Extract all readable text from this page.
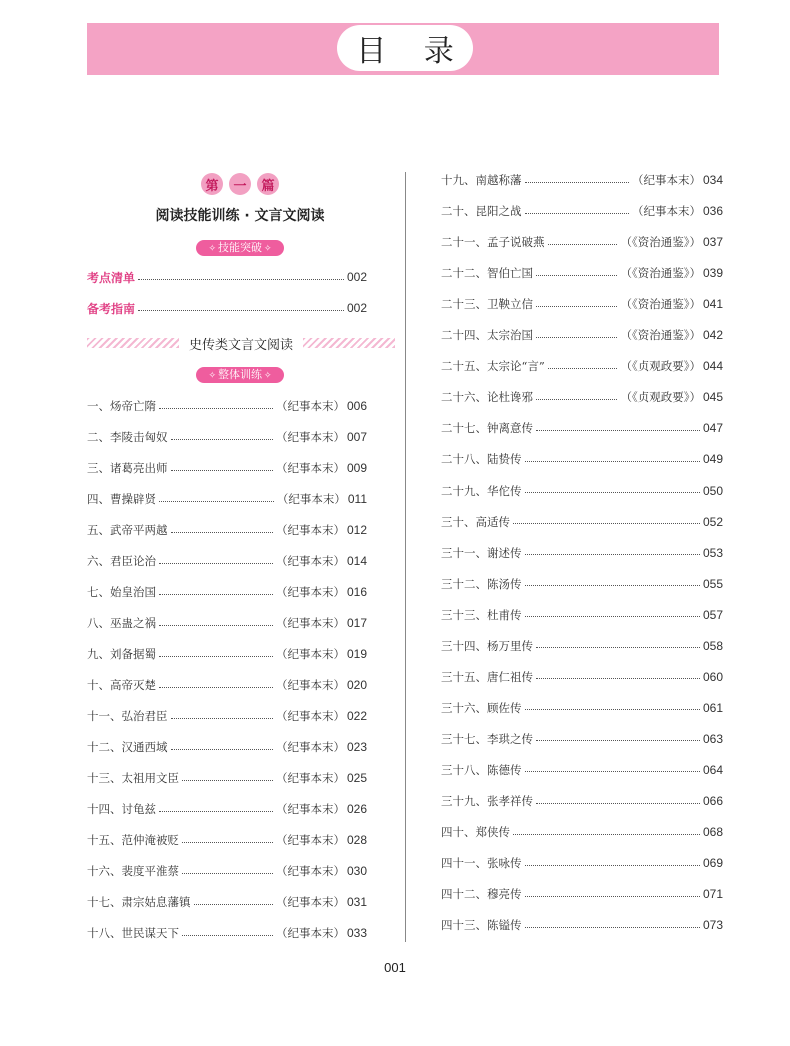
目 录
第	一	篇
阅读技能训练 · 文言文阅读
✧ 技能突破 ✧
考点清单	002
备考指南	002
史传类文言文阅读
✧ 整体训练 ✧
一、炀帝亡隋	（纪事本末） 006
二、李陵击匈奴	（纪事本末） 007
三、诸葛亮出师	（纪事本末） 009
四、曹操辟贤	（纪事本末） 011
五、武帝平两越	（纪事本末） 012
六、君臣论治	（纪事本末） 014
七、始皇治国	（纪事本末） 016
八、巫蛊之祸	（纪事本末） 017
九、刘备据蜀	（纪事本末） 019
十、高帝灭楚	（纪事本末） 020
十一、弘治君臣	（纪事本末） 022
十二、汉通西域	（纪事本末） 023
十三、太祖用文臣	（纪事本末） 025
十四、讨龟兹	（纪事本末） 026
十五、范仲淹被贬	（纪事本末） 028
十六、裴度平淮蔡	（纪事本末） 030
十七、肃宗姑息藩镇	（纪事本末） 031
十八、世民谋天下	（纪事本末） 033
十九、南越称藩	（纪事本末） 034
二十、昆阳之战	（纪事本末） 036
二十一、孟子说破燕	（《资治通鉴》） 037
二十二、智伯亡国	（《资治通鉴》） 039
二十三、卫鞅立信	（《资治通鉴》） 041
二十四、太宗治国	（《资治通鉴》） 042
二十五、太宗论“言”	（《贞观政要》） 044
二十六、论杜谗邪	（《贞观政要》） 045
二十七、钟离意传	047
二十八、陆贽传	049
二十九、华佗传	050
三十、高适传	052
三十一、谢述传	053
三十二、陈汤传	055
三十三、杜甫传	057
三十四、杨万里传	058
三十五、唐仁祖传	060
三十六、顾佐传	061
三十七、李珙之传	063
三十八、陈德传	064
三十九、张孝祥传	066
四十、郑侠传	068
四十一、张咏传	069
四十二、穆亮传	071
四十三、陈镒传	073
001
